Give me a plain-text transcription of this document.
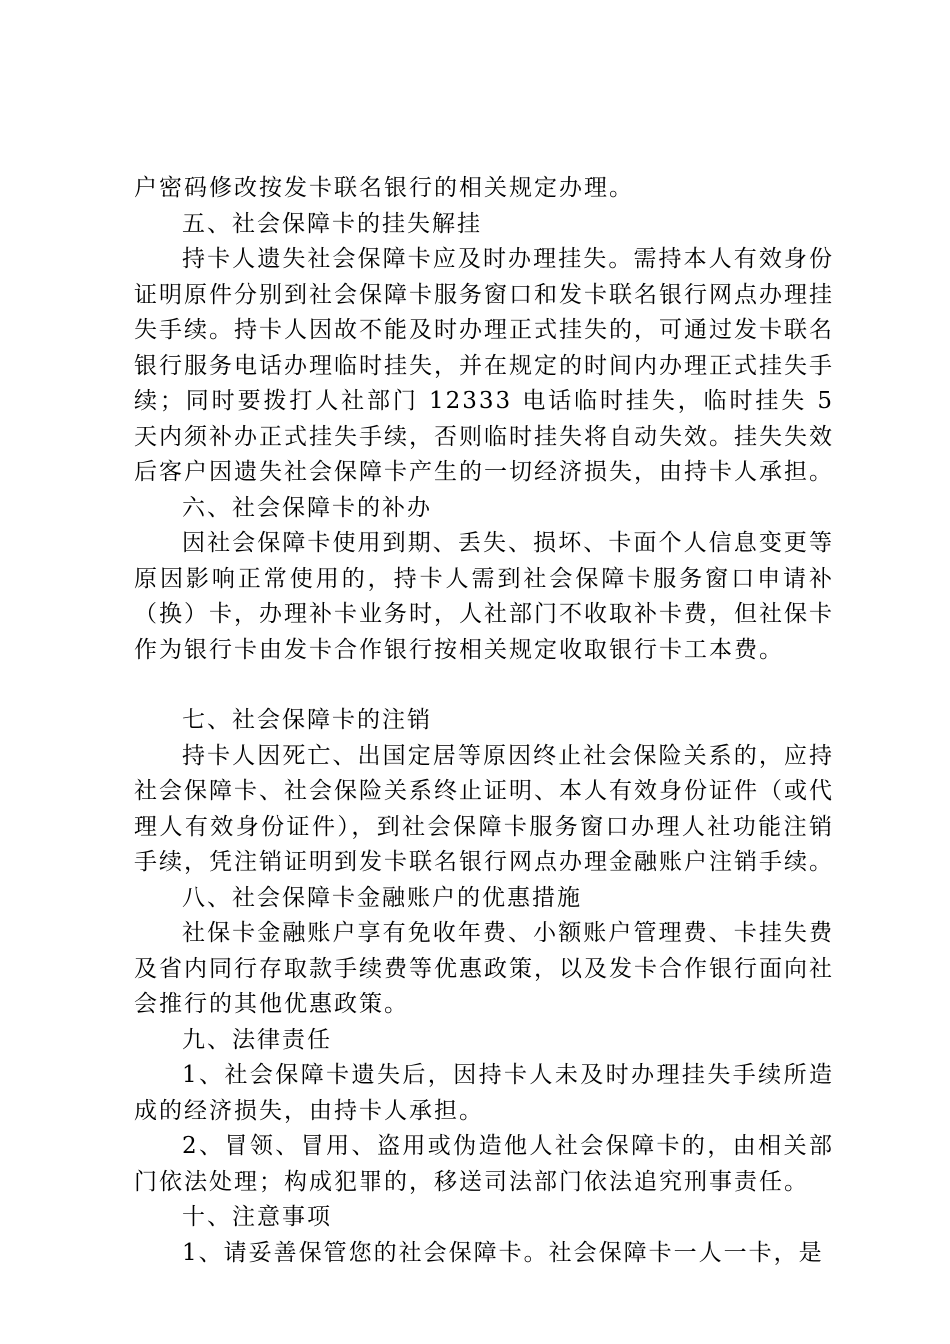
户密码修改按发卡联名银行的相关规定办理。

五、社会保障卡的挂失解挂

持卡人遗失社会保障卡应及时办理挂失。需持本人有效身份证明原件分别到社会保障卡服务窗口和发卡联名银行网点办理挂失手续。持卡人因故不能及时办理正式挂失的，可通过发卡联名银行服务电话办理临时挂失，并在规定的时间内办理正式挂失手续；同时要拨打人社部门 12333 电话临时挂失，临时挂失 5 天内须补办正式挂失手续，否则临时挂失将自动失效。挂失失效后客户因遗失社会保障卡产生的一切经济损失，由持卡人承担。

六、社会保障卡的补办

因社会保障卡使用到期、丢失、损坏、卡面个人信息变更等原因影响正常使用的，持卡人需到社会保障卡服务窗口申请补（换）卡，办理补卡业务时，人社部门不收取补卡费，但社保卡作为银行卡由发卡合作银行按相关规定收取银行卡工本费。

七、社会保障卡的注销

持卡人因死亡、出国定居等原因终止社会保险关系的，应持社会保障卡、社会保险关系终止证明、本人有效身份证件（或代理人有效身份证件），到社会保障卡服务窗口办理人社功能注销手续，凭注销证明到发卡联名银行网点办理金融账户注销手续。

八、社会保障卡金融账户的优惠措施

社保卡金融账户享有免收年费、小额账户管理费、卡挂失费及省内同行存取款手续费等优惠政策，以及发卡合作银行面向社会推行的其他优惠政策。

九、法律责任

1、社会保障卡遗失后，因持卡人未及时办理挂失手续所造成的经济损失，由持卡人承担。

2、冒领、冒用、盗用或伪造他人社会保障卡的，由相关部门依法处理；构成犯罪的，移送司法部门依法追究刑事责任。

十、注意事项

1、请妥善保管您的社会保障卡。社会保障卡一人一卡，是
